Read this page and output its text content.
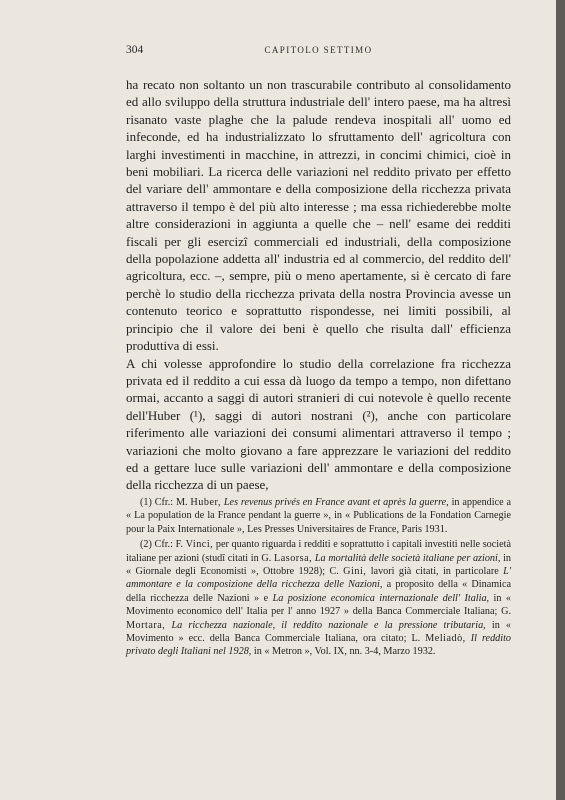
304	CAPITOLO SETTIMO

ha recato non soltanto un non trascurabile contributo al consolidamento ed allo sviluppo della struttura industriale dell' intero paese, ma ha altresì risanato vaste plaghe che la palude rendeva inospitali all' uomo ed infeconde, ed ha industrializzato lo sfruttamento dell' agricoltura con larghi investimenti in macchine, in attrezzi, in concimi chimici, cioè in beni mobiliari. La ricerca delle variazioni nel reddito privato per effetto del variare dell' ammontare e della composizione della ricchezza privata attraverso il tempo è del più alto interesse ; ma essa richiederebbe molte altre considerazioni in aggiunta a quelle che – nell' esame dei redditi fiscali per gli esercizî commerciali ed industriali, della composizione della popolazione addetta all' industria ed al commercio, del reddito dell' agricoltura, ecc. –, sempre, più o meno apertamente, si è cercato di fare perchè lo studio della ricchezza privata della nostra Provincia avesse un contenuto teorico e soprattutto rispondesse, nei limiti possibili, al principio che il valore dei beni è quello che risulta dall' efficienza produttiva di essi.

A chi volesse approfondire lo studio della correlazione fra ricchezza privata ed il reddito a cui essa dà luogo da tempo a tempo, non difettano ormai, accanto a saggi di autori stranieri di cui notevole è quello recente dell'Huber (¹), saggi di autori nostrani (²), anche con particolare riferimento alle variazioni dei consumi alimentari attraverso il tempo ; variazioni che molto giovano a fare apprezzare le variazioni del reddito ed a gettare luce sulle variazioni dell' ammontare e della composizione della ricchezza di un paese,

(1) Cfr.: M. Huber, Les revenus privés en France avant et après la guerre, in appendice a « La population de la France pendant la guerre », in « Publications de la Fondation Carnegie pour la Paix Internationale », Les Presses Universitaires de France, Paris 1931.

(2) Cfr.: F. Vinci, per quanto riguarda i redditi e soprattutto i capitali investiti nelle società italiane per azioni (studî citati in G. Lasorsa, La mortalità delle società italiane per azioni, in « Giornale degli Economisti », Ottobre 1928); C. Gini, lavori già citati, in particolare L' ammontare e la composizione della ricchezza delle Nazioni, a proposito della « Dinamica della ricchezza delle Nazioni » e La posizione economica internazionale dell' Italia, in « Movimento economico dell' Italia per l' anno 1927 » della Banca Commerciale Italiana; G. Mortara, La ricchezza nazionale, il reddito nazionale e la pressione tributaria, in « Movimento » ecc. della Banca Commerciale Italiana, ora citato; L. Meliadò, Il reddito privato degli Italiani nel 1928, in « Metron », Vol. IX, nn. 3-4, Marzo 1932.
